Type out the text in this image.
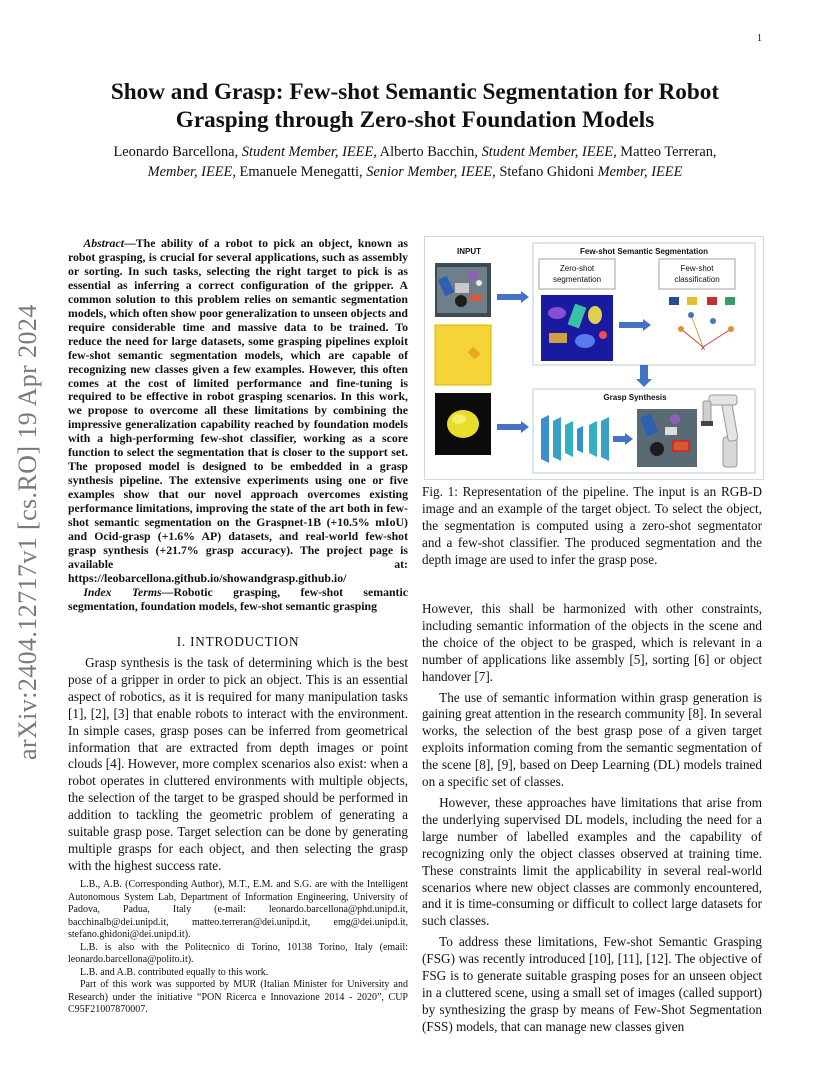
1
arXiv:2404.12717v1 [cs.RO] 19 Apr 2024
Show and Grasp: Few-shot Semantic Segmentation for Robot Grasping through Zero-shot Foundation Models
Leonardo Barcellona, Student Member, IEEE, Alberto Bacchin, Student Member, IEEE, Matteo Terreran, Member, IEEE, Emanuele Menegatti, Senior Member, IEEE, Stefano Ghidoni Member, IEEE

Abstract—The ability of a robot to pick an object, known as robot grasping, is crucial for several applications, such as assembly or sorting. In such tasks, selecting the right target to pick is as essential as inferring a correct configuration of the gripper. A common solution to this problem relies on semantic segmentation models, which often show poor generalization to unseen objects and require considerable time and massive data to be trained. To reduce the need for large datasets, some grasping pipelines exploit few-shot semantic segmentation models, which are capable of recognizing new classes given a few examples. However, this often comes at the cost of limited performance and fine-tuning is required to be effective in robot grasping scenarios. In this work, we propose to overcome all these limitations by combining the impressive generalization capability reached by foundation models with a high-performing few-shot classifier, working as a score function to select the segmentation that is closer to the support set. The proposed model is designed to be embedded in a grasp synthesis pipeline. The extensive experiments using one or five examples show that our novel approach overcomes existing performance limitations, improving the state of the art both in few-shot semantic segmentation on the Graspnet-1B (+10.5% mIoU) and Ocid-grasp (+1.6% AP) datasets, and real-world few-shot grasp synthesis (+21.7% grasp accuracy). The project page is available at: https://leobarcellona.github.io/showandgrasp.github.io/

Index Terms—Robotic grasping, few-shot semantic segmentation, foundation models, few-shot semantic grasping

I. INTRODUCTION

Grasp synthesis is the task of determining which is the best pose of a gripper in order to pick an object. This is an essential aspect of robotics, as it is required for many manipulation tasks [1], [2], [3] that enable robots to interact with the environment. In simple cases, grasp poses can be inferred from geometrical information that are extracted from depth images or point clouds [4]. However, more complex scenarios also exist: when a robot operates in cluttered environments with multiple objects, the selection of the target to be grasped should be performed in addition to tackling the geometric problem of generating a suitable grasp pose. Target selection can be done by generating multiple grasps for each object, and then selecting the grasp with the highest success rate.

L.B., A.B. (Corresponding Author), M.T., E.M. and S.G. are with the Intelligent Autonomous System Lab, Department of Information Engineering, University of Padova, Padua, Italy (e-mail: leonardo.barcellona@phd.unipd.it, bacchinalb@dei.unipd.it, matteo.terreran@dei.unipd.it, emg@dei.unipd.it, stefano.ghidoni@dei.unipd.it).

L.B. is also with the Politecnico di Torino, 10138 Torino, Italy (email: leonardo.barcellona@polito.it).

L.B. and A.B. contributed equally to this work.

Part of this work was supported by MUR (Italian Minister for University and Research) under the initiative “PON Ricerca e Innovazione 2014 - 2020”, CUP C95F21007870007.

INPUT	Few-shot Semantic Segmentation
Zero-shot
segmentation
Few-shot
classification
×
Grasp Synthesis
Fig. 1: Representation of the pipeline. The input is an RGB-D image and an example of the target object. To select the object, the segmentation is computed using a zero-shot segmentator and a few-shot classifier. The produced segmentation and the depth image are used to infer the grasp pose.

However, this shall be harmonized with other constraints, including semantic information of the objects in the scene and the choice of the object to be grasped, which is relevant in a number of applications like assembly [5], sorting [6] or object handover [7].

The use of semantic information within grasp generation is gaining great attention in the research community [8]. In several works, the selection of the best grasp pose of a given target exploits information coming from the semantic segmentation of the scene [8], [9], based on Deep Learning (DL) models trained on a specific set of classes.

However, these approaches have limitations that arise from the underlying supervised DL models, including the need for a large number of labelled examples and the capability of recognizing only the object classes observed at training time. These constraints limit the applicability in several real-world scenarios where new object classes are commonly encountered, and it is time-consuming or difficult to collect large datasets for such classes.

To address these limitations, Few-shot Semantic Grasping (FSG) was recently introduced [10], [11], [12]. The objective of FSG is to generate suitable grasping poses for an unseen object in a cluttered scene, using a small set of images (called support) by synthesizing the grasp by means of Few-Shot Segmentation (FSS) models, that can manage new classes given
